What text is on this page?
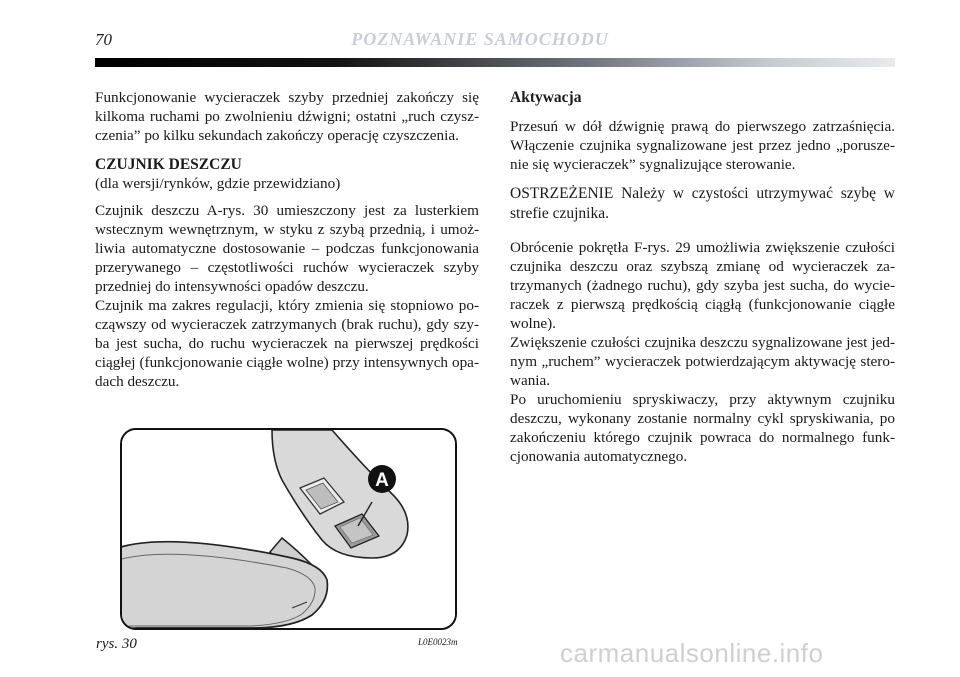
70	POZNAWANIE SAMOCHODU

Funkcjonowanie wycieraczek szyby przedniej zakończy się kilkoma ruchami po zwolnieniu dźwigni; ostatni „ruch czyszczenia” po kilku sekundach zakończy operację czyszczenia.

CZUJNIK DESZCZU

(dla wersji/rynków, gdzie przewidziano)

Czujnik deszczu A-rys. 30 umieszczony jest za lusterkiem wstecznym wewnętrznym, w styku z szybą przednią, i umożliwia automatyczne dostosowanie – podczas funkcjonowania przerywanego – częstotliwości ruchów wycieraczek szyby przedniej do intensywności opadów deszczu.

Czujnik ma zakres regulacji, który zmienia się stopniowo począwszy od wycieraczek zatrzymanych (brak ruchu), gdy szyba jest sucha, do ruchu wycieraczek na pierwszej prędkości ciągłej (funkcjonowanie ciągłe wolne) przy intensywnych opadach deszczu.

Aktywacja

Przesuń w dół dźwignię prawą do pierwszego zatrzaśnięcia. Włączenie czujnika sygnalizowane jest przez jedno „poruszenie się wycieraczek” sygnalizujące sterowanie.

OSTRZEŻENIE Należy w czystości utrzymywać szybę w strefie czujnika.

Obrócenie pokrętła F-rys. 29 umożliwia zwiększenie czułości czujnika deszczu oraz szybszą zmianę od wycieraczek zatrzymanych (żadnego ruchu), gdy szyba jest sucha, do wycieraczek z pierwszą prędkością ciągłą (funkcjonowanie ciągłe wolne).

Zwiększenie czułości czujnika deszczu sygnalizowane jest jednym „ruchem” wycieraczek potwierdzającym aktywację sterowania.

Po uruchomieniu spryskiwaczy, przy aktywnym czujniku deszczu, wykonany zostanie normalny cykl spryskiwania, po zakończeniu którego czujnik powraca do normalnego funkcjonowania automatycznego.

A
rys. 30	L0E0023m	carmanualsonline.info
